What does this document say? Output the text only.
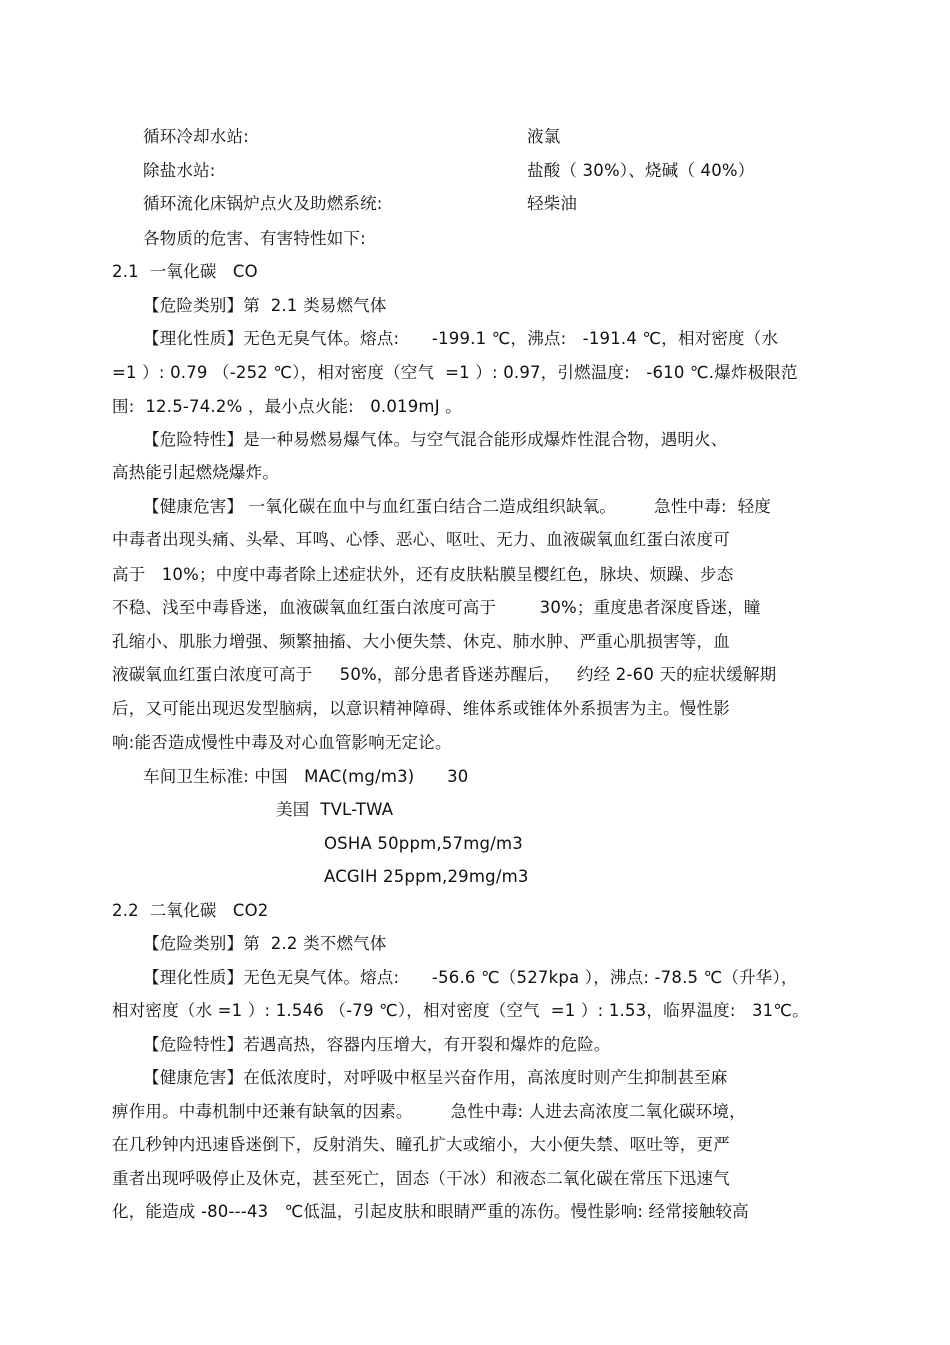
循环冷却水站:	液氯
除盐水站:	盐酸（ 30%）、烧碱（ 40%）
循环流化床锅炉点火及助燃系统:	轻柴油
各物质的危害、有害特性如下:
2.1  一氧化碳   CO
【危险类别】第  2.1 类易燃气体
【理化性质】无色无臭气体。熔点:      -199.1 ℃，沸点:   -191.4 ℃，相对密度（水
=1 ）: 0.79 （-252 ℃），相对密度（空气  =1 ）: 0.97，引燃温度:   -610 ℃.爆炸极限范
围:  12.5-74.2% ，最小点火能:   0.019mJ 。
【危险特性】是一种易燃易爆气体。与空气混合能形成爆炸性混合物，遇明火、
高热能引起燃烧爆炸。
【健康危害】 一氧化碳在血中与血红蛋白结合二造成组织缺氧。       急性中毒:  轻度
中毒者出现头痛、头晕、耳鸣、心悸、恶心、呕吐、无力、血液碳氧血红蛋白浓度可
高于   10%；中度中毒者除上述症状外，还有皮肤粘膜呈樱红色，脉块、烦躁、步态
不稳、浅至中毒昏迷，血液碳氧血红蛋白浓度可高于        30%；重度患者深度昏迷，瞳
孔缩小、肌胀力增强、频繁抽搐、大小便失禁、休克、肺水肿、严重心肌损害等，血
液碳氧血红蛋白浓度可高于     50%，部分患者昏迷苏醒后，   约经 2-60 天的症状缓解期
后，又可能出现迟发型脑病，以意识精神障碍、维体系或锥体外系损害为主。慢性影
响:能否造成慢性中毒及对心血管影响无定论。
车间卫生标准: 中国   MAC(mg/m3)      30
美国  TVL-TWA
OSHA 50ppm,57mg/m3
ACGIH 25ppm,29mg/m3
2.2  二氧化碳   CO2
【危险类别】第  2.2 类不燃气体
【理化性质】无色无臭气体。熔点:      -56.6 ℃（527kpa ），沸点: -78.5 ℃（升华），
相对密度（水 =1 ）: 1.546 （-79 ℃），相对密度（空气  =1 ）: 1.53，临界温度:   31℃。
【危险特性】若遇高热，容器内压增大，有开裂和爆炸的危险。
【健康危害】在低浓度时，对呼吸中枢呈兴奋作用，高浓度时则产生抑制甚至麻
痹作用。中毒机制中还兼有缺氧的因素。       急性中毒: 人进去高浓度二氧化碳环境，
在几秒钟内迅速昏迷倒下，反射消失、瞳孔扩大或缩小，大小便失禁、呕吐等，更严
重者出现呼吸停止及休克，甚至死亡，固态（干冰）和液态二氧化碳在常压下迅速气
化，能造成 -80---43   ℃低温，引起皮肤和眼睛严重的冻伤。慢性影响: 经常接触较高
